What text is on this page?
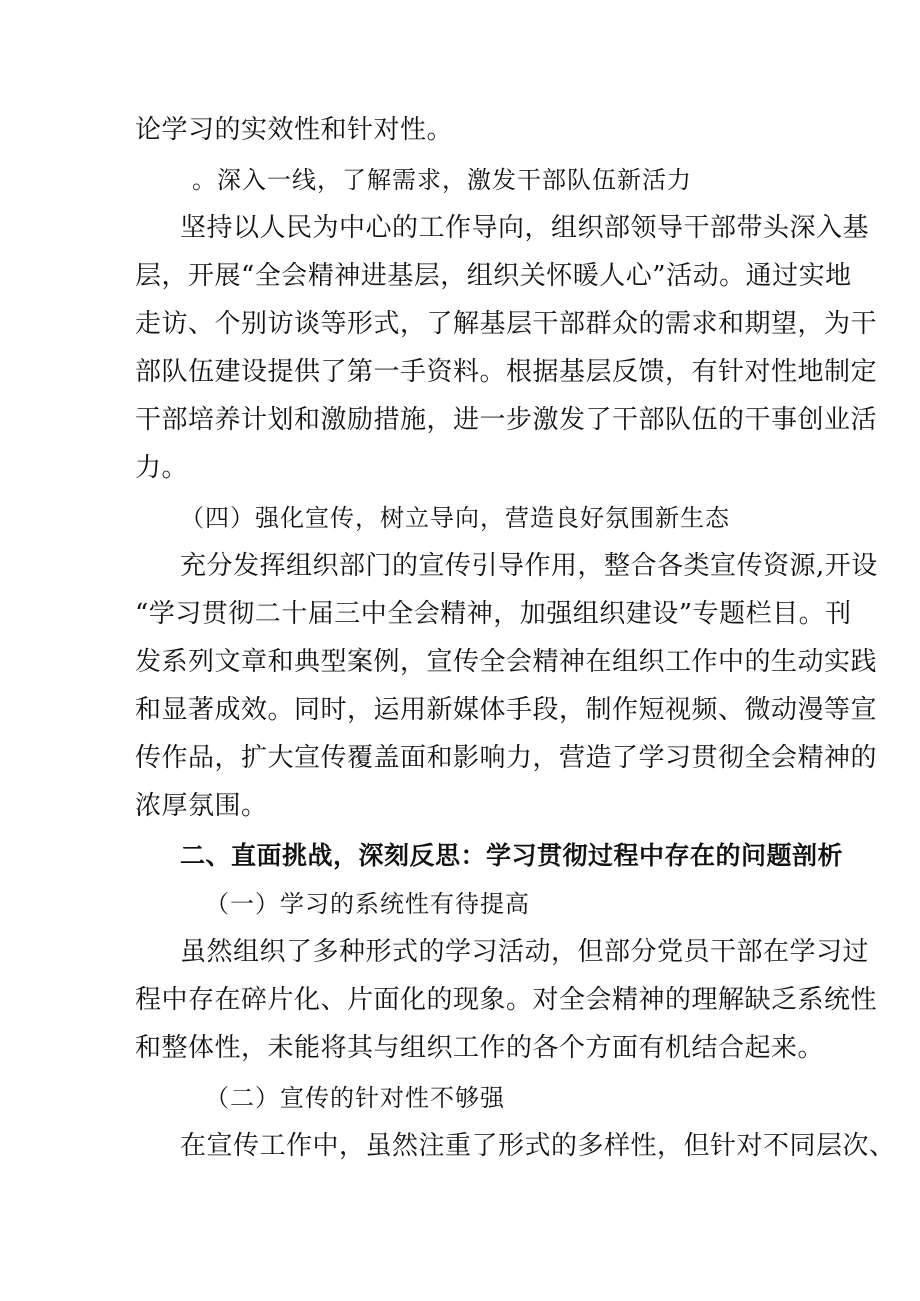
论学习的实效性和针对性。
。深入一线，了解需求，激发干部队伍新活力
坚持以人民为中心的工作导向，组织部领导干部带头深入基
层，开展“全会精神进基层，组织关怀暖人心”活动。通过实地
走访、个别访谈等形式，了解基层干部群众的需求和期望，为干
部队伍建设提供了第一手资料。根据基层反馈，有针对性地制定
干部培养计划和激励措施，进一步激发了干部队伍的干事创业活
力。
（四）强化宣传，树立导向，营造良好氛围新生态
充分发挥组织部门的宣传引导作用，整合各类宣传资源,开设
“学习贯彻二十届三中全会精神，加强组织建设”专题栏目。刊
发系列文章和典型案例，宣传全会精神在组织工作中的生动实践
和显著成效。同时，运用新媒体手段，制作短视频、微动漫等宣
传作品，扩大宣传覆盖面和影响力，营造了学习贯彻全会精神的
浓厚氛围。
二、直面挑战，深刻反思：学习贯彻过程中存在的问题剖析
（一）学习的系统性有待提高
虽然组织了多种形式的学习活动，但部分党员干部在学习过
程中存在碎片化、片面化的现象。对全会精神的理解缺乏系统性
和整体性，未能将其与组织工作的各个方面有机结合起来。
（二）宣传的针对性不够强
在宣传工作中，虽然注重了形式的多样性，但针对不同层次、
